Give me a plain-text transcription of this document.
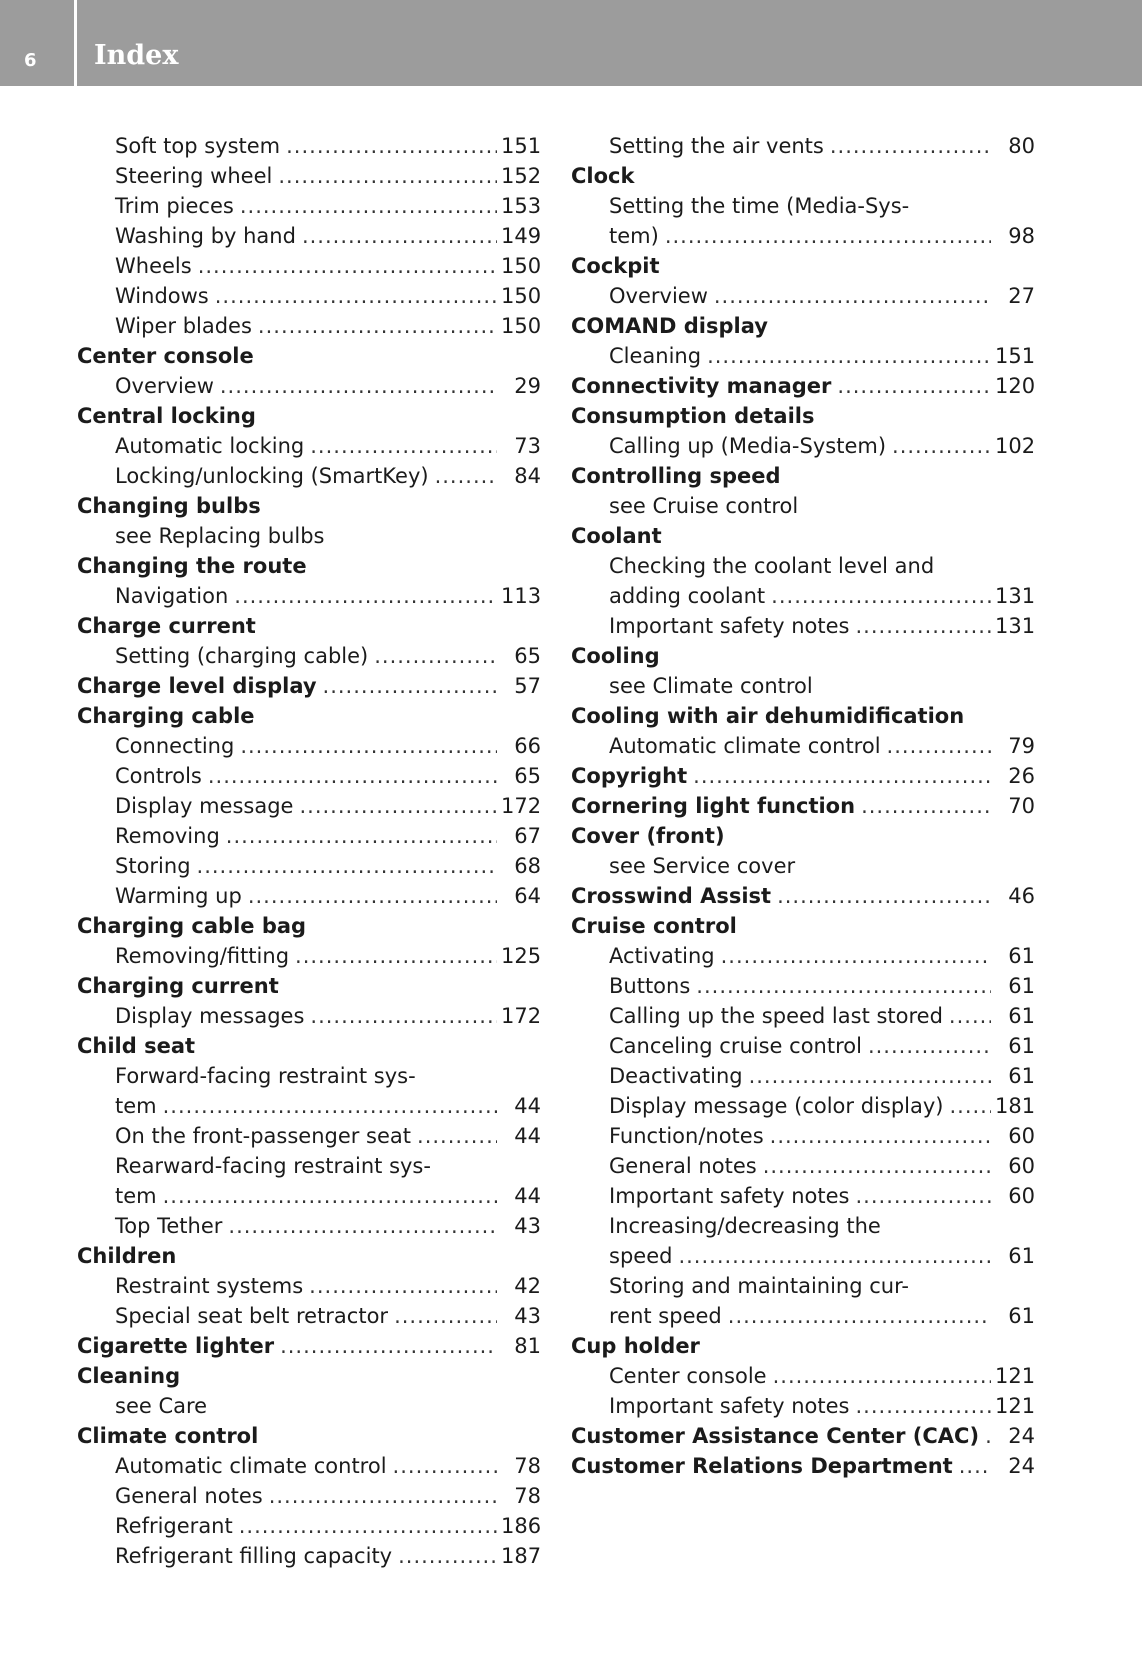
6 Index
Soft top system .....	151
Steering wheel .....	152
Trim pieces .....	153
Washing by hand .....	149
Wheels .....	150
Windows .....	150
Wiper blades .....	150
Center console
Overview .....	29
Central locking
Automatic locking .....	73
Locking/unlocking (SmartKey) .....	84
Changing bulbs
see Replacing bulbs
Changing the route
Navigation .....	113
Charge current
Setting (charging cable) .....	65
Charge level display .....	57
Charging cable
Connecting .....	66
Controls .....	65
Display message .....	172
Removing .....	67
Storing .....	68
Warming up .....	64
Charging cable bag
Removing/fitting .....	125
Charging current
Display messages .....	172
Child seat
Forward-facing restraint sys-
tem .....	44
On the front-passenger seat .....	44
Rearward-facing restraint sys-
tem .....	44
Top Tether .....	43
Children
Restraint systems .....	42
Special seat belt retractor .....	43
Cigarette lighter .....	81
Cleaning
see Care
Climate control
Automatic climate control .....	78
General notes .....	78
Refrigerant .....	186
Refrigerant filling capacity .....	187
Setting the air vents .....	80
Clock
Setting the time (Media-Sys-
tem) .....	98
Cockpit
Overview .....	27
COMAND display
Cleaning .....	151
Connectivity manager .....	120
Consumption details
Calling up (Media-System) .....	102
Controlling speed
see Cruise control
Coolant
Checking the coolant level and
adding coolant .....	131
Important safety notes .....	131
Cooling
see Climate control
Cooling with air dehumidification
Automatic climate control .....	79
Copyright .....	26
Cornering light function .....	70
Cover (front)
see Service cover
Crosswind Assist .....	46
Cruise control
Activating .....	61
Buttons .....	61
Calling up the speed last stored .....	61
Canceling cruise control .....	61
Deactivating .....	61
Display message (color display) ..... 181
Function/notes .....	60
General notes .....	60
Important safety notes .....	60
Increasing/decreasing the
speed .....	61
Storing and maintaining cur-
rent speed .....	61
Cup holder
Center console .....	121
Important safety notes .....	121
Customer Assistance Center (CAC) .....	24
Customer Relations Department .....	24
